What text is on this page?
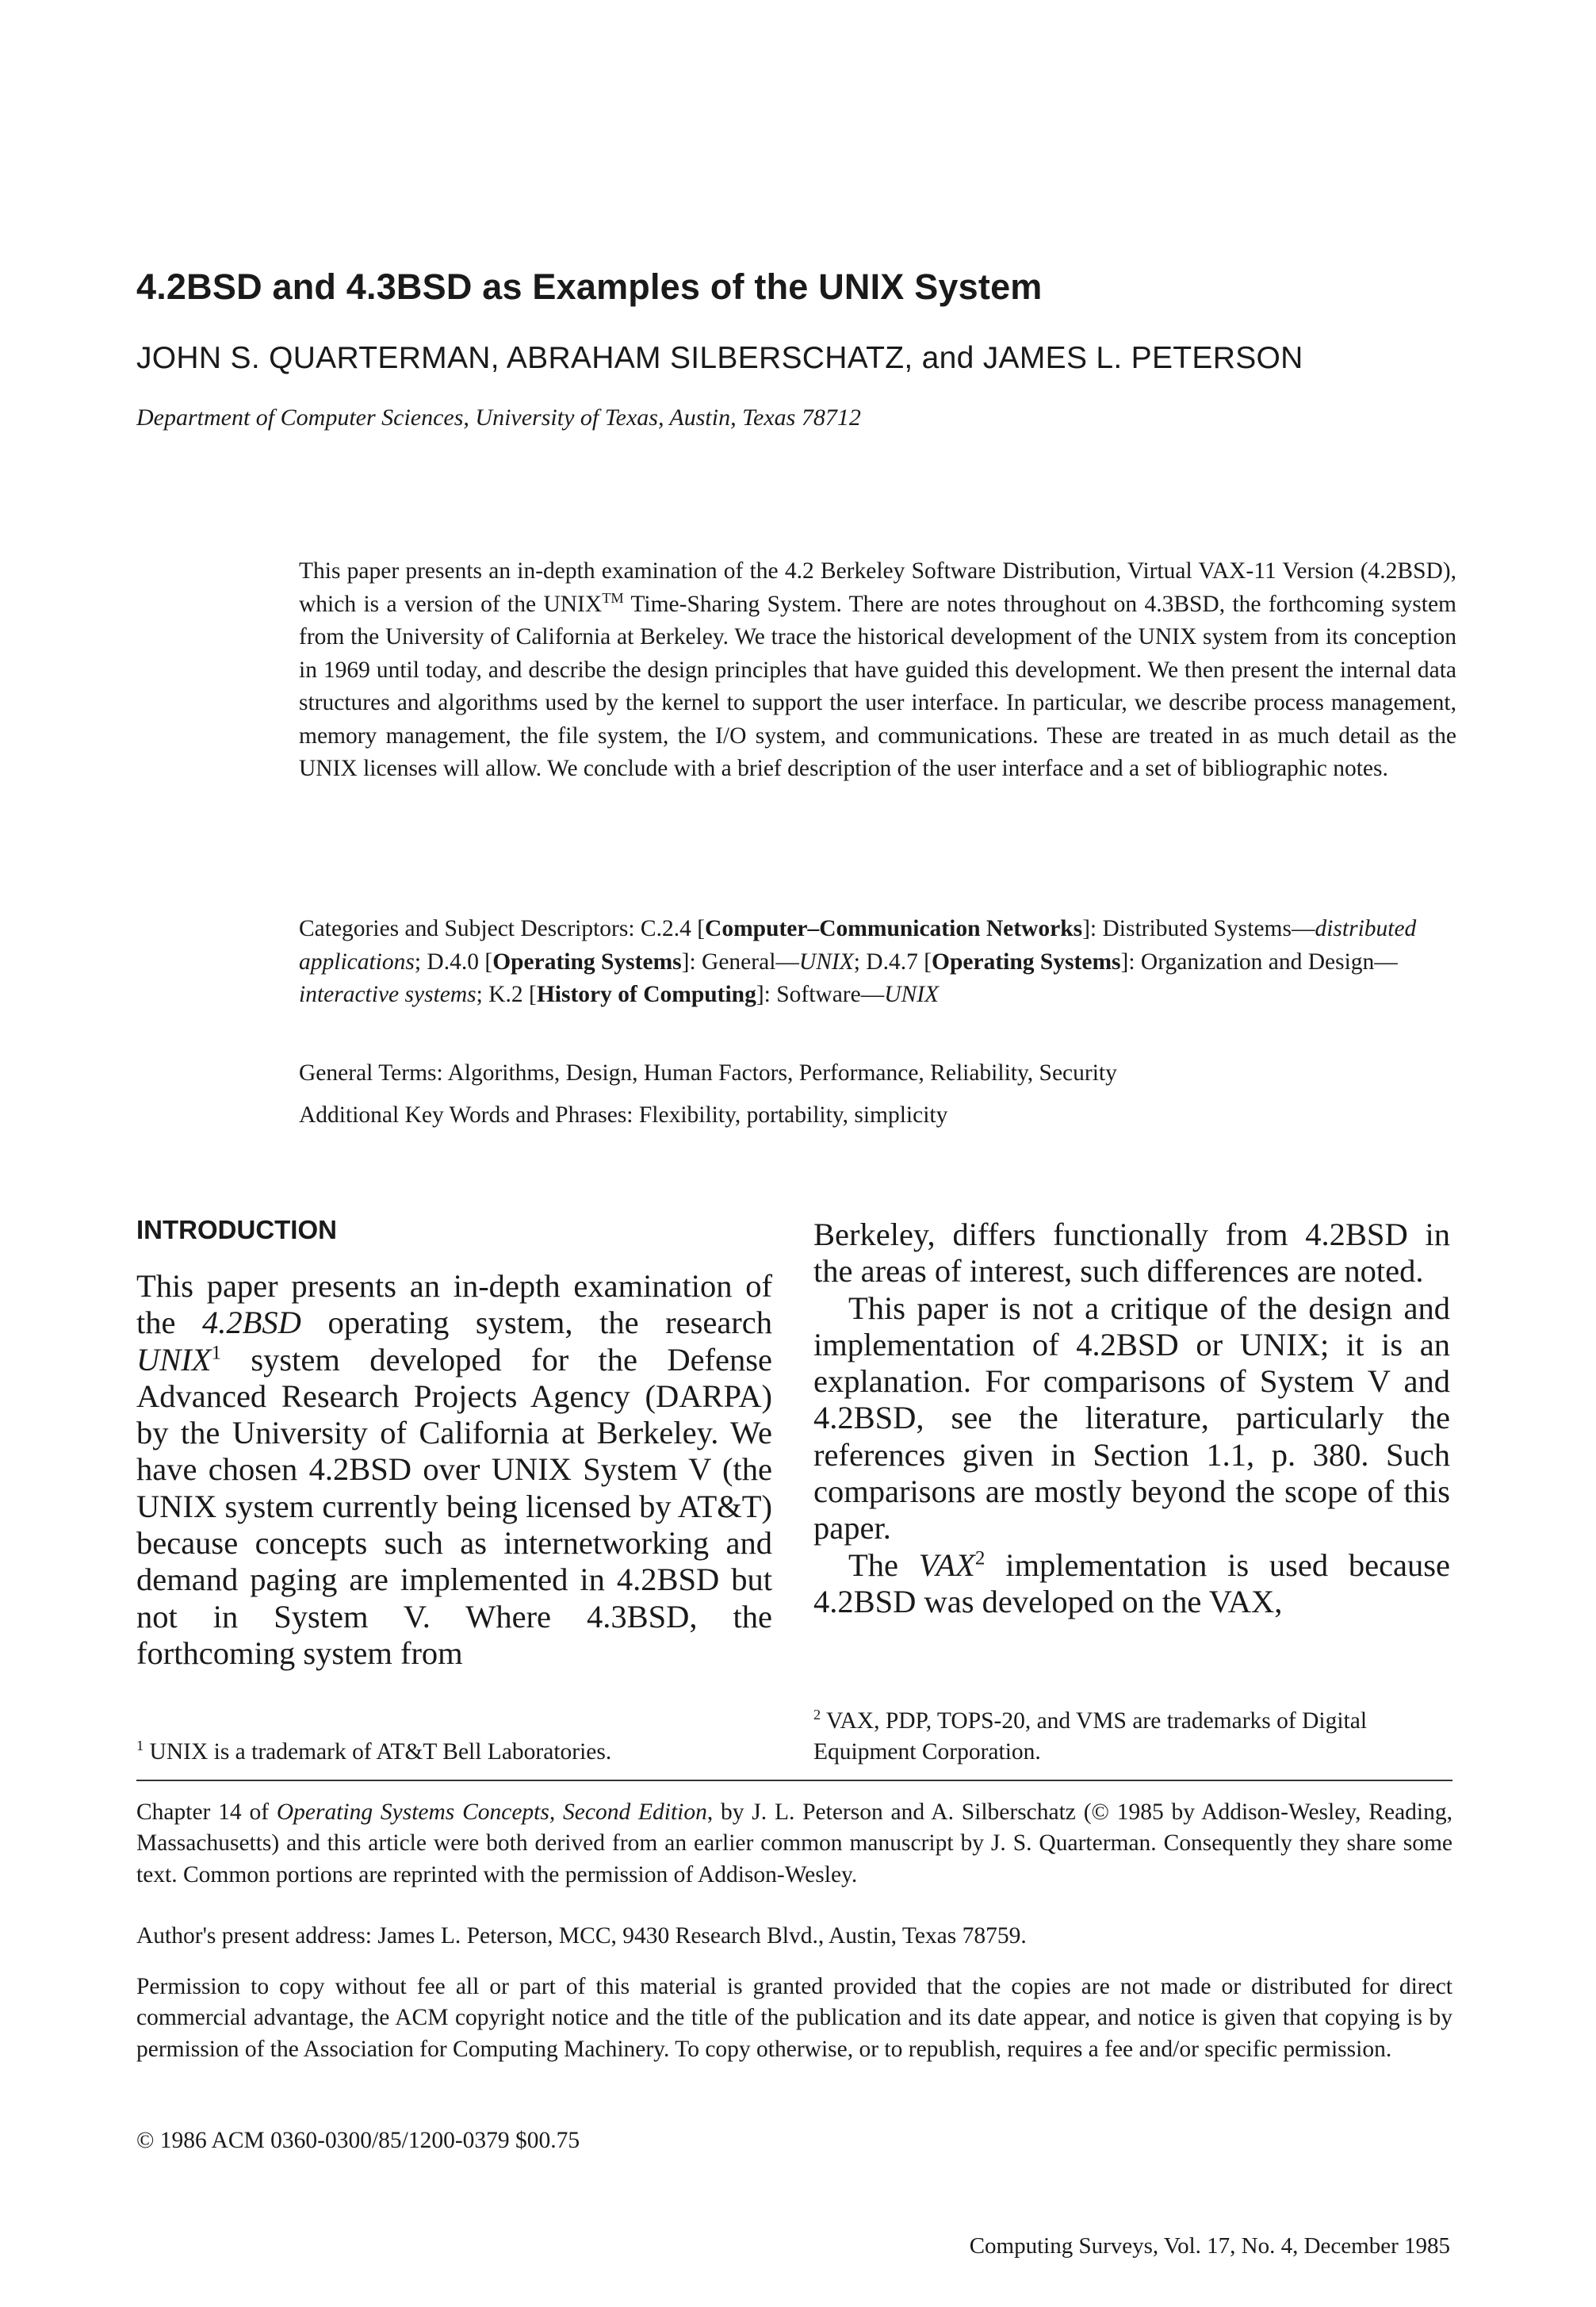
4.2BSD and 4.3BSD as Examples of the UNIX System
JOHN S. QUARTERMAN, ABRAHAM SILBERSCHATZ, and JAMES L. PETERSON
Department of Computer Sciences, University of Texas, Austin, Texas 78712
This paper presents an in-depth examination of the 4.2 Berkeley Software Distribution, Virtual VAX-11 Version (4.2BSD), which is a version of the UNIX™ Time-Sharing System. There are notes throughout on 4.3BSD, the forthcoming system from the University of California at Berkeley. We trace the historical development of the UNIX system from its conception in 1969 until today, and describe the design principles that have guided this development. We then present the internal data structures and algorithms used by the kernel to support the user interface. In particular, we describe process management, memory management, the file system, the I/O system, and communications. These are treated in as much detail as the UNIX licenses will allow. We conclude with a brief description of the user interface and a set of bibliographic notes.
Categories and Subject Descriptors: C.2.4 [Computer–Communication Networks]: Distributed Systems—distributed applications; D.4.0 [Operating Systems]: General—UNIX; D.4.7 [Operating Systems]: Organization and Design—interactive systems; K.2 [History of Computing]: Software—UNIX
General Terms: Algorithms, Design, Human Factors, Performance, Reliability, Security
Additional Key Words and Phrases: Flexibility, portability, simplicity
INTRODUCTION

This paper presents an in-depth examination of the 4.2BSD operating system, the research UNIX$^1$ system developed for the Defense Advanced Research Projects Agency (DARPA) by the University of California at Berkeley. We have chosen 4.2BSD over UNIX System V (the UNIX system currently being licensed by AT&T) because concepts such as internetworking and demand paging are implemented in 4.2BSD but not in System V. Where 4.3BSD, the forthcoming system from

Berkeley, differs functionally from 4.2BSD in the areas of interest, such differences are noted.

This paper is not a critique of the design and implementation of 4.2BSD or UNIX; it is an explanation. For comparisons of System V and 4.2BSD, see the literature, particularly the references given in Section 1.1, p. 380. Such comparisons are mostly beyond the scope of this paper.

The VAX$^2$ implementation is used because 4.2BSD was developed on the VAX,

$^1$ UNIX is a trademark of AT&T Bell Laboratories.
$^2$ VAX, PDP, TOPS-20, and VMS are trademarks of Digital Equipment Corporation.
Chapter 14 of Operating Systems Concepts, Second Edition, by J. L. Peterson and A. Silberschatz (© 1985 by Addison-Wesley, Reading, Massachusetts) and this article were both derived from an earlier common manuscript by J. S. Quarterman. Consequently they share some text. Common portions are reprinted with the permission of Addison-Wesley.
Author's present address: James L. Peterson, MCC, 9430 Research Blvd., Austin, Texas 78759.
Permission to copy without fee all or part of this material is granted provided that the copies are not made or distributed for direct commercial advantage, the ACM copyright notice and the title of the publication and its date appear, and notice is given that copying is by permission of the Association for Computing Machinery. To copy otherwise, or to republish, requires a fee and/or specific permission.
© 1986 ACM 0360-0300/85/1200-0379 $00.75
Computing Surveys, Vol. 17, No. 4, December 1985
